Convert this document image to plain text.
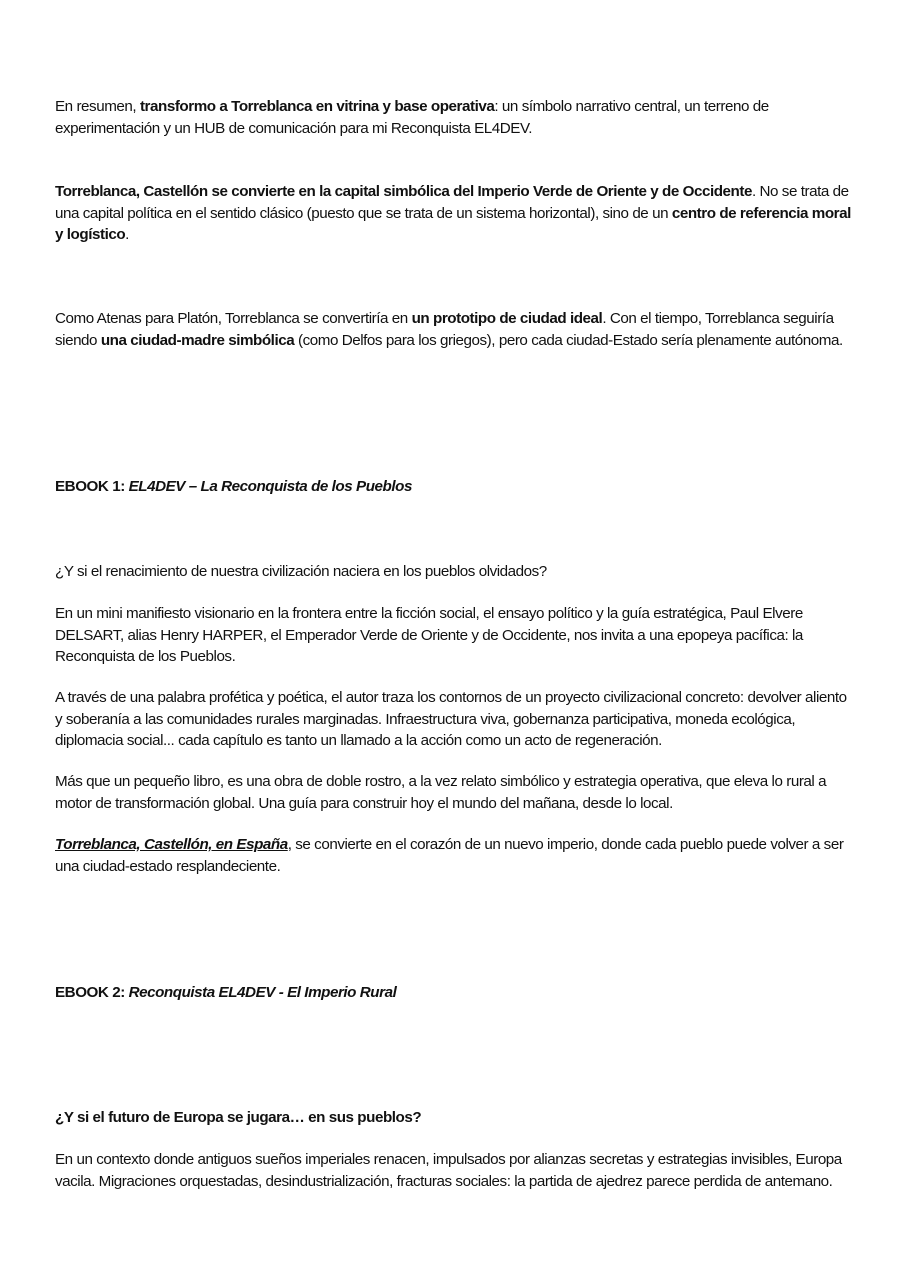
En resumen, transformo a Torreblanca en vitrina y base operativa: un símbolo narrativo central, un terreno de experimentación y un HUB de comunicación para mi Reconquista EL4DEV.

Torreblanca, Castellón se convierte en la capital simbólica del Imperio Verde de Oriente y de Occidente. No se trata de una capital política en el sentido clásico (puesto que se trata de un sistema horizontal), sino de un centro de referencia moral y logístico.

Como Atenas para Platón, Torreblanca se convertiría en un prototipo de ciudad ideal. Con el tiempo, Torreblanca seguiría siendo una ciudad-madre simbólica (como Delfos para los griegos), pero cada ciudad-Estado sería plenamente autónoma.

EBOOK 1: EL4DEV – La Reconquista de los Pueblos

¿Y si el renacimiento de nuestra civilización naciera en los pueblos olvidados?

En un mini manifiesto visionario en la frontera entre la ficción social, el ensayo político y la guía estratégica, Paul Elvere DELSART, alias Henry HARPER, el Emperador Verde de Oriente y de Occidente, nos invita a una epopeya pacífica: la Reconquista de los Pueblos.

A través de una palabra profética y poética, el autor traza los contornos de un proyecto civilizacional concreto: devolver aliento y soberanía a las comunidades rurales marginadas. Infraestructura viva, gobernanza participativa, moneda ecológica, diplomacia social... cada capítulo es tanto un llamado a la acción como un acto de regeneración.

Más que un pequeño libro, es una obra de doble rostro, a la vez relato simbólico y estrategia operativa, que eleva lo rural a motor de transformación global. Una guía para construir hoy el mundo del mañana, desde lo local.

Torreblanca, Castellón, en España, se convierte en el corazón de un nuevo imperio, donde cada pueblo puede volver a ser una ciudad-estado resplandeciente.

EBOOK 2: Reconquista EL4DEV - El Imperio Rural

¿Y si el futuro de Europa se jugara… en sus pueblos?

En un contexto donde antiguos sueños imperiales renacen, impulsados por alianzas secretas y estrategias invisibles, Europa vacila. Migraciones orquestadas, desindustrialización, fracturas sociales: la partida de ajedrez parece perdida de antemano.
